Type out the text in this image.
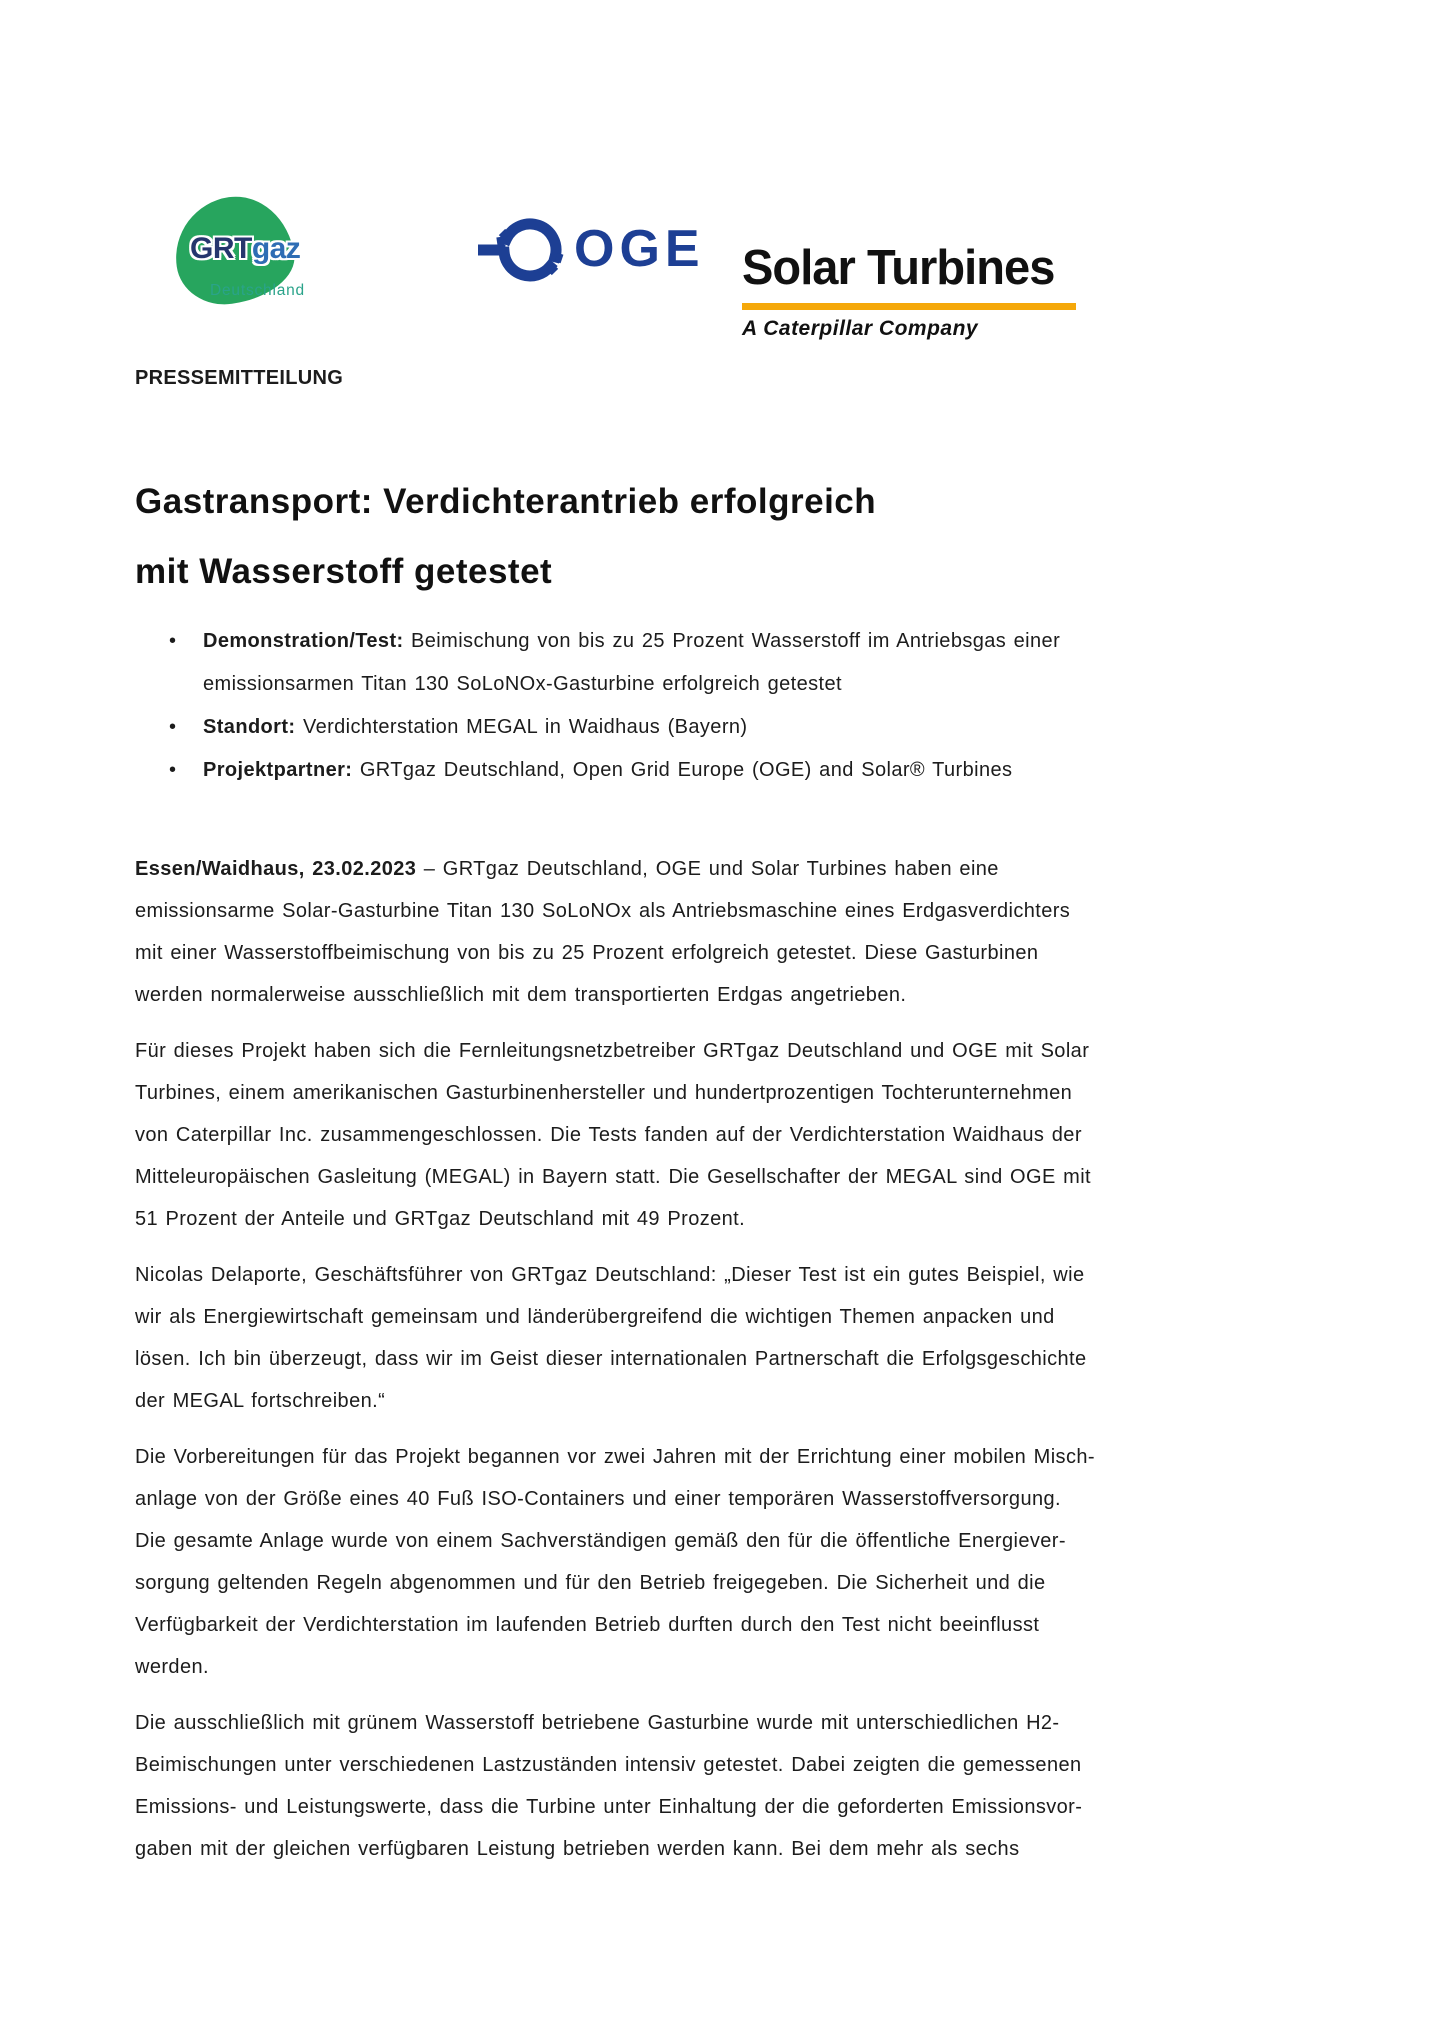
GRTgaz
Deutschland
OGE Solar Turbines
A Caterpillar Company
PRESSEMITTEILUNG
Gastransport: Verdichterantrieb erfolgreich
mit Wasserstoff getestet
• Demonstration/Test: Beimischung von bis zu 25 Prozent Wasserstoff im Antriebsgas einer
emissionsarmen Titan 130 SoLoNOx-Gasturbine erfolgreich getestet
• Standort: Verdichterstation MEGAL in Waidhaus (Bayern)
• Projektpartner: GRTgaz Deutschland, Open Grid Europe (OGE) and Solar® Turbines

Essen/Waidhaus, 23.02.2023 – GRTgaz Deutschland, OGE und Solar Turbines haben eine
emissionsarme Solar-Gasturbine Titan 130 SoLoNOx als Antriebsmaschine eines Erdgasverdichters
mit einer Wasserstoffbeimischung von bis zu 25 Prozent erfolgreich getestet. Diese Gasturbinen
werden normalerweise ausschließlich mit dem transportierten Erdgas angetrieben.

Für dieses Projekt haben sich die Fernleitungsnetzbetreiber GRTgaz Deutschland und OGE mit Solar
Turbines, einem amerikanischen Gasturbinenhersteller und hundertprozentigen Tochterunternehmen
von Caterpillar Inc. zusammengeschlossen. Die Tests fanden auf der Verdichterstation Waidhaus der
Mitteleuropäischen Gasleitung (MEGAL) in Bayern statt. Die Gesellschafter der MEGAL sind OGE mit
51 Prozent der Anteile und GRTgaz Deutschland mit 49 Prozent.

Nicolas Delaporte, Geschäftsführer von GRTgaz Deutschland: „Dieser Test ist ein gutes Beispiel, wie
wir als Energiewirtschaft gemeinsam und länderübergreifend die wichtigen Themen anpacken und
lösen. Ich bin überzeugt, dass wir im Geist dieser internationalen Partnerschaft die Erfolgsgeschichte
der MEGAL fortschreiben.“

Die Vorbereitungen für das Projekt begannen vor zwei Jahren mit der Errichtung einer mobilen Misch-
anlage von der Größe eines 40 Fuß ISO-Containers und einer temporären Wasserstoffversorgung.
Die gesamte Anlage wurde von einem Sachverständigen gemäß den für die öffentliche Energiever-
sorgung geltenden Regeln abgenommen und für den Betrieb freigegeben. Die Sicherheit und die
Verfügbarkeit der Verdichterstation im laufenden Betrieb durften durch den Test nicht beeinflusst
werden.

Die ausschließlich mit grünem Wasserstoff betriebene Gasturbine wurde mit unterschiedlichen H2-
Beimischungen unter verschiedenen Lastzuständen intensiv getestet. Dabei zeigten die gemessenen
Emissions- und Leistungswerte, dass die Turbine unter Einhaltung der die geforderten Emissionsvor-
gaben mit der gleichen verfügbaren Leistung betrieben werden kann. Bei dem mehr als sechs
